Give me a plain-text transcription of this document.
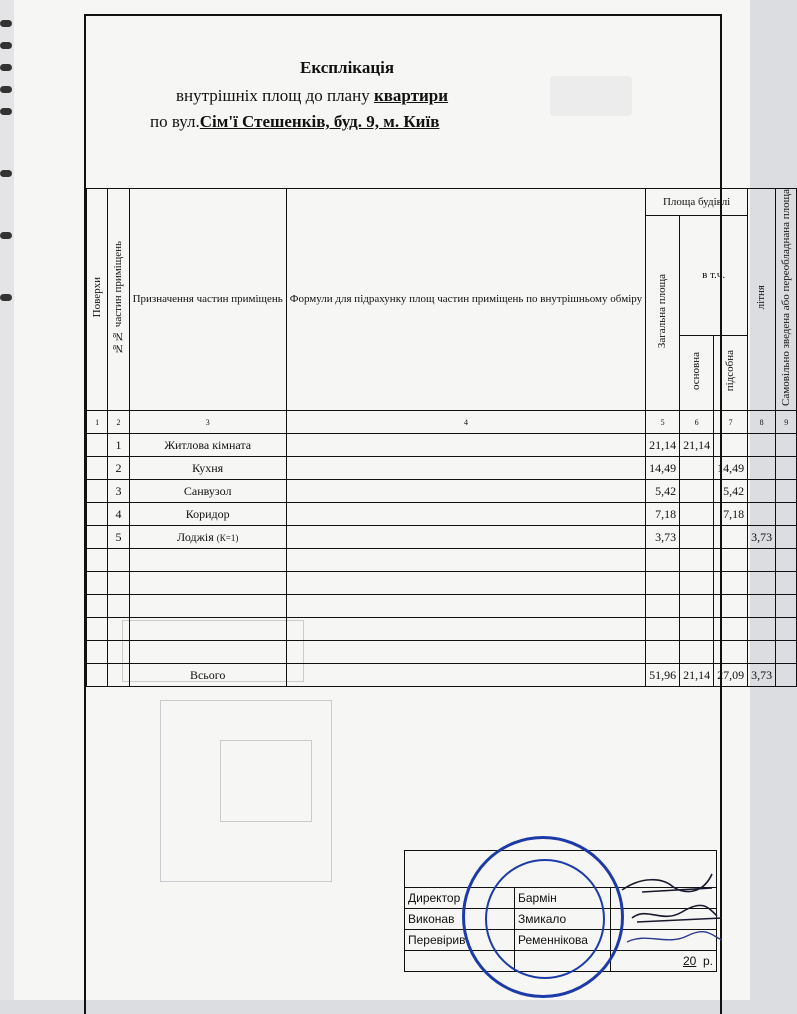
Експлікація
внутрішніх площ до плану квартири
по вул.Сім'ї Стешенків, буд. 9, м. Київ
Поверхи	№№ частин приміщень	Призначення частин приміщень	Формули для підрахунку площ частин приміщень по внутрішньому обміру	Площа будівлі			літня	Самовільно зведена або переобладнана площа
				Загальна площа	в т.ч.			
					основна	підсобна		
1	2	3	4	5	6	7	8	9
	1	Житлова кімната		21,14	21,14			
	2	Кухня		14,49		14,49		
	3	Санвузол		5,42		5,42		
	4	Коридор		7,18		7,18		
	5	Лоджія (К=1)		3,73			3,73	

		Всього		51,96	21,14	27,09	3,73	

Директор	Бармін	
Виконав	Змикало	
Перевірив	Ременнікова	
		20 р.
